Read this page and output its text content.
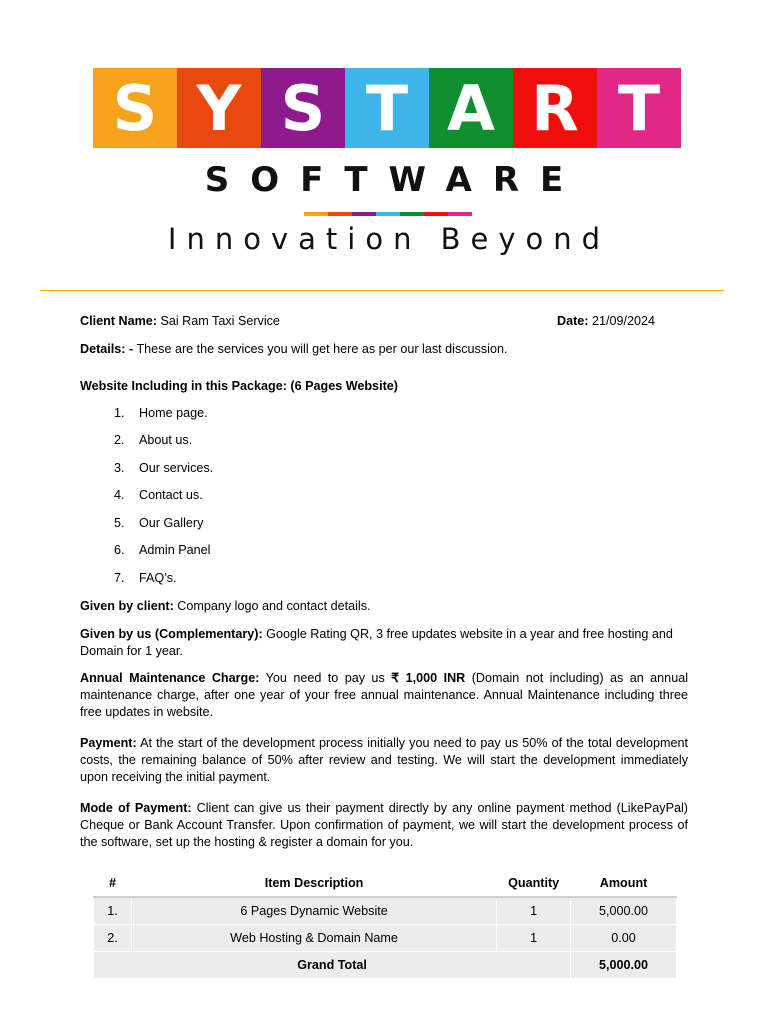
S Y S T A R T
SOFTWARE
Innovation Beyond
Client Name: Sai Ram Taxi Service	Date: 21/09/2024
Details: - These are the services you will get here as per our last discussion.
Website Including in this Package: (6 Pages Website)
1. Home page.
2. About us.
3. Our services.
4. Contact us.
5. Our Gallery
6. Admin Panel
7. FAQ’s.
Given by client: Company logo and contact details.
Given by us (Complementary): Google Rating QR, 3 free updates website in a year and free hosting and Domain for 1 year.
Annual Maintenance Charge: You need to pay us ₹ 1,000 INR (Domain not including) as an annual maintenance charge, after one year of your free annual maintenance. Annual Maintenance including three free updates in website.
Payment: At the start of the development process initially you need to pay us 50% of the total development costs, the remaining balance of 50% after review and testing. We will start the development immediately upon receiving the initial payment.
Mode of Payment: Client can give us their payment directly by any online payment method (LikePayPal) Cheque or Bank Account Transfer. Upon confirmation of payment, we will start the development process of the software, set up the hosting & register a domain for you.
#	Item Description	Quantity	Amount
1.	6 Pages Dynamic Website	1	5,000.00
2.	Web Hosting & Domain Name	1	0.00
Grand Total			5,000.00
